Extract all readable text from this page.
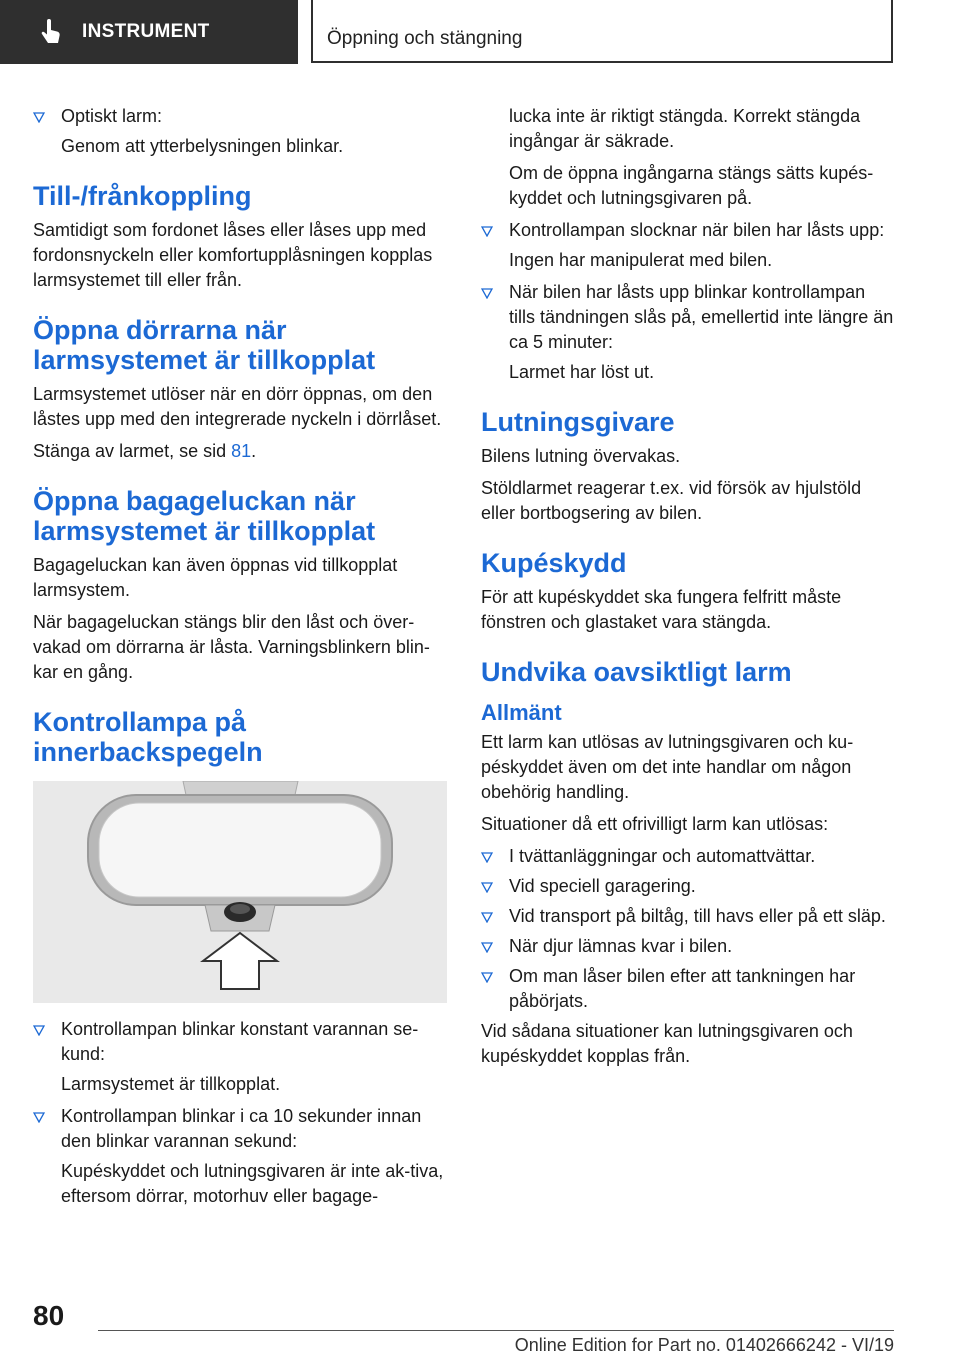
INSTRUMENT	Öppning och stängning

Optiskt larm:

Genom att ytterbelysningen blinkar.

Till-/frånkoppling

Samtidigt som fordonet låses eller låses upp med fordonsnyckeln eller komfortupplåsningen kopplas larmsystemet till eller från.

Öppna dörrarna när larmsystemet är tillkopplat

Larmsystemet utlöser när en dörr öppnas, om den låstes upp med den integrerade nyckeln i dörrlåset.

Stänga av larmet, se sid 81.

Öppna bagageluckan när larmsystemet är tillkopplat

Bagageluckan kan även öppnas vid tillkopplat larmsystem.

När bagageluckan stängs blir den låst och över-vakad om dörrarna är låsta. Varningsblinkern blin-kar en gång.

Kontrollampa på innerbackspegeln

Kontrollampan blinkar konstant varannan se-kund:

Larmsystemet är tillkopplat.

Kontrollampan blinkar i ca 10 sekunder innan den blinkar varannan sekund:

Kupéskyddet och lutningsgivaren är inte ak-tiva, eftersom dörrar, motorhuv eller bagage-

lucka inte är riktigt stängda. Korrekt stängda ingångar är säkrade.

Om de öppna ingångarna stängs sätts kupés-kyddet och lutningsgivaren på.

Kontrollampan slocknar när bilen har låsts upp:

Ingen har manipulerat med bilen.

När bilen har låsts upp blinkar kontrollampan tills tändningen slås på, emellertid inte längre än ca 5 minuter:

Larmet har löst ut.

Lutningsgivare

Bilens lutning övervakas.

Stöldlarmet reagerar t.ex. vid försök av hjulstöld eller bortbogsering av bilen.

Kupéskydd

För att kupéskyddet ska fungera felfritt måste fönstren och glastaket vara stängda.

Undvika oavsiktligt larm
Allmänt

Ett larm kan utlösas av lutningsgivaren och ku-péskyddet även om det inte handlar om någon obehörig handling.

Situationer då ett ofrivilligt larm kan utlösas:

I tvättanläggningar och automattvättar.

Vid speciell garagering.

Vid transport på biltåg, till havs eller på ett släp.

När djur lämnas kvar i bilen.

Om man låser bilen efter att tankningen har påbörjats.

Vid sådana situationer kan lutningsgivaren och kupéskyddet kopplas från.

80
Online Edition for Part no. 01402666242 - VI/19
